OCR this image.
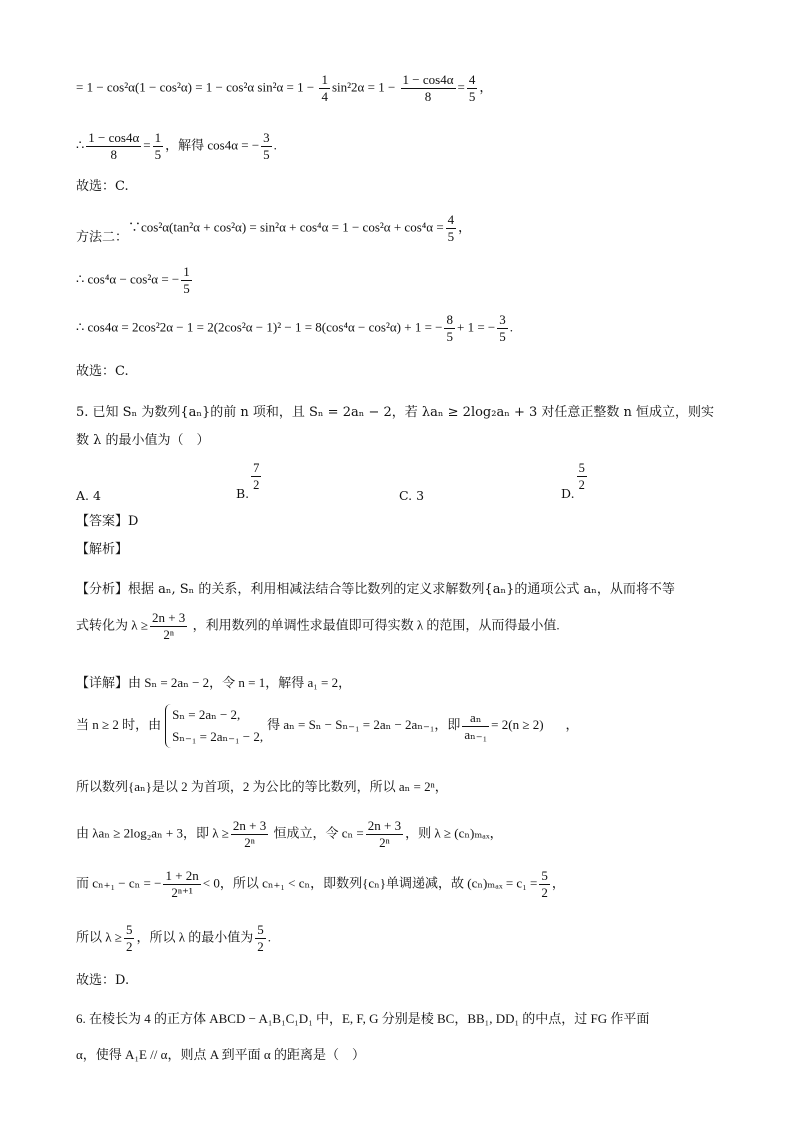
= 1 − cos²α(1 − cos²α) = 1 − cos²α $\sin^2\alpha = 1 - \frac{1}{4} \sin^22\alpha = 1 - \frac{1 - \cos 4\alpha}{8} = \frac{4}{5}$ ，
∴ $\frac{1 - \cos 4\alpha}{8} = \frac{1}{5}$ ，解得 cos4α = − $\frac{3}{5}$ .
故选：C.
方法二：∵cos²α(tan²α + $\cos^2\alpha) = \sin^2\alpha + \cos^4\alpha = 1 - \cos^2\alpha + \cos^4\alpha = \frac{4}{5}$ ，
∴ cos⁴α − cos²α = − $\frac{1}{5}$
∴ cos4α = 2cos²2α − 1 = 2(2cos²α − 1)² − 1 = 8(cos⁴α − cos²α) + 1 = − $\frac{8}{5} + 1$ = − $\frac{3}{5}$ .
故选：C.
5. 已知 Sₙ 为数列{aₙ}的前 n 项和，且 Sₙ = 2aₙ − 2，若 λaₙ ≥ 2log₂aₙ + 3 对任意正整数 n 恒成立，则实
数 λ 的最小值为（　）
A. 4	B.
$\frac{7}{2}$
C. 3	D.
$\frac{5}{2}$
【答案】D
【解析】
【分析】根据 aₙ, Sₙ 的关系，利用相减法结合等比数列的定义求解数列{aₙ}的通项公式 aₙ，从而将不等
式转化为 $\lambda \ge \frac{2n + 3}{\text{2ⁿ}}$ ，利用数列的单调性求最值即可得实数 λ 的范围，从而得最小值.
【详解】由 Sₙ = 2aₙ − 2，令 n = 1，解得 a₁ = 2，
当 n ≥ 2 时，由
Sₙ = 2aₙ − 2,
Sₙ₋₁ = 2aₙ₋₁ − 2,
得 aₙ = Sₙ − Sₙ₋₁ = 2aₙ − 2aₙ₋₁，即 $\frac{\text{aₙ}}{\text{aₙ₋₁}} = 2(n \ge 2)$ ，
所以数列{aₙ}是以 2 为首项，2 为公比的等比数列，所以 aₙ = 2ⁿ，
由 λaₙ ≥ 2log₂aₙ + 3，即 $\lambda \ge \frac{2n + 3}{\text{2ⁿ}}$ 恒成立，令 $c_n = \frac{2n + 3}{\text{2ⁿ}}$ ，则 λ ≥ (cₙ)ₘₐₓ，
而 cₙ₊₁ − cₙ = − $\frac{1 + 2n}{\text{2ⁿ⁺¹}} < 0$，所以 cₙ₊₁ < cₙ，即数列{cₙ}单调递减，故 $(c_n)_{max} = c_1 = \frac{5}{2}$ ，
所以 $\lambda \ge \frac{5}{2}$ ，所以 λ 的最小值为 $\frac{5}{2}$ .
故选：D.
6. 在棱长为 4 的正方体 ABCD − A₁B₁C₁D₁ 中，E, F, G 分别是棱 BC，BB₁, DD₁ 的中点，过 FG 作平面
α，使得 A₁E // α，则点 A 到平面 α 的距离是（　）
